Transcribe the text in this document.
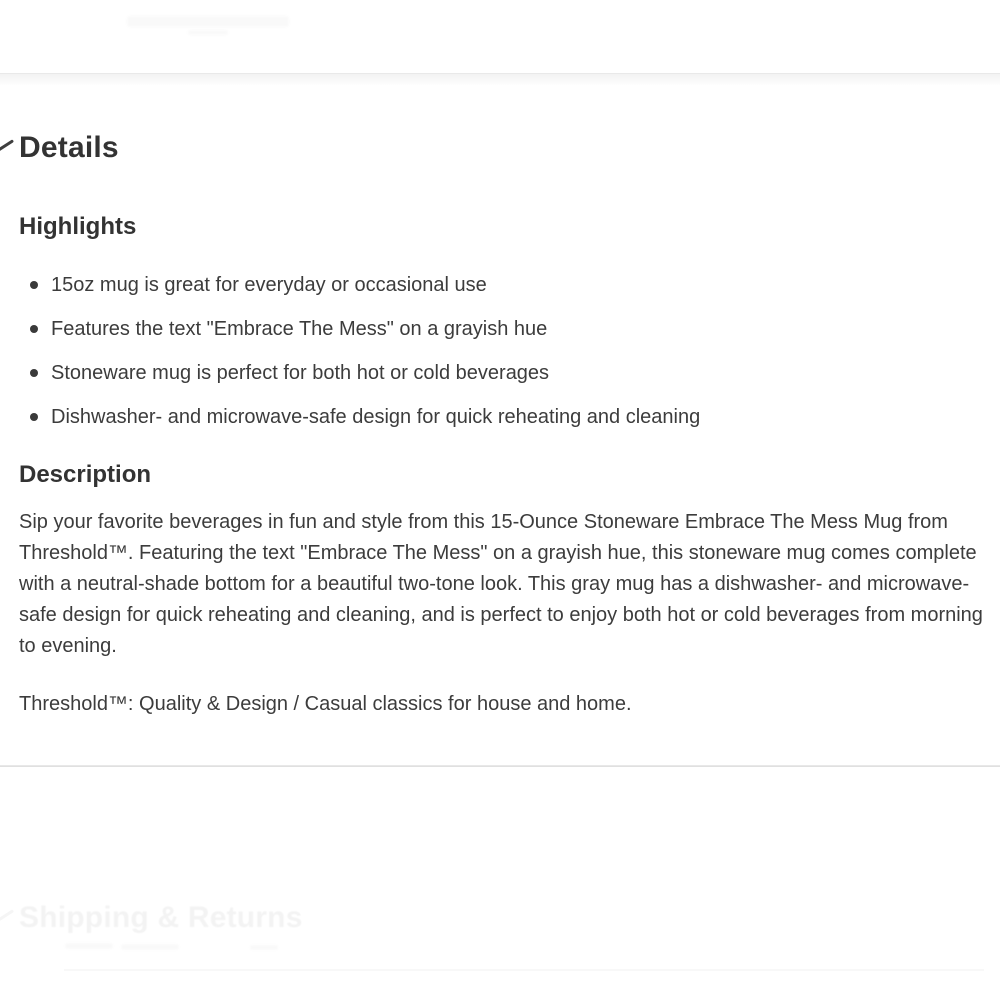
Details
Highlights
15oz mug is great for everyday or occasional use
Features the text "Embrace The Mess" on a grayish hue
Stoneware mug is perfect for both hot or cold beverages
Dishwasher- and microwave-safe design for quick reheating and cleaning
Description

Sip your favorite beverages in fun and style from this 15-Ounce Stoneware Embrace The Mess Mug from Threshold™. Featuring the text "Embrace The Mess" on a grayish hue, this stoneware mug comes complete with a neutral-shade bottom for a beautiful two-tone look. This gray mug has a dishwasher- and microwave-safe design for quick reheating and cleaning, and is perfect to enjoy both hot or cold beverages from morning to evening.

Threshold™: Quality & Design / Casual classics for house and home.

Shipping & Returns
